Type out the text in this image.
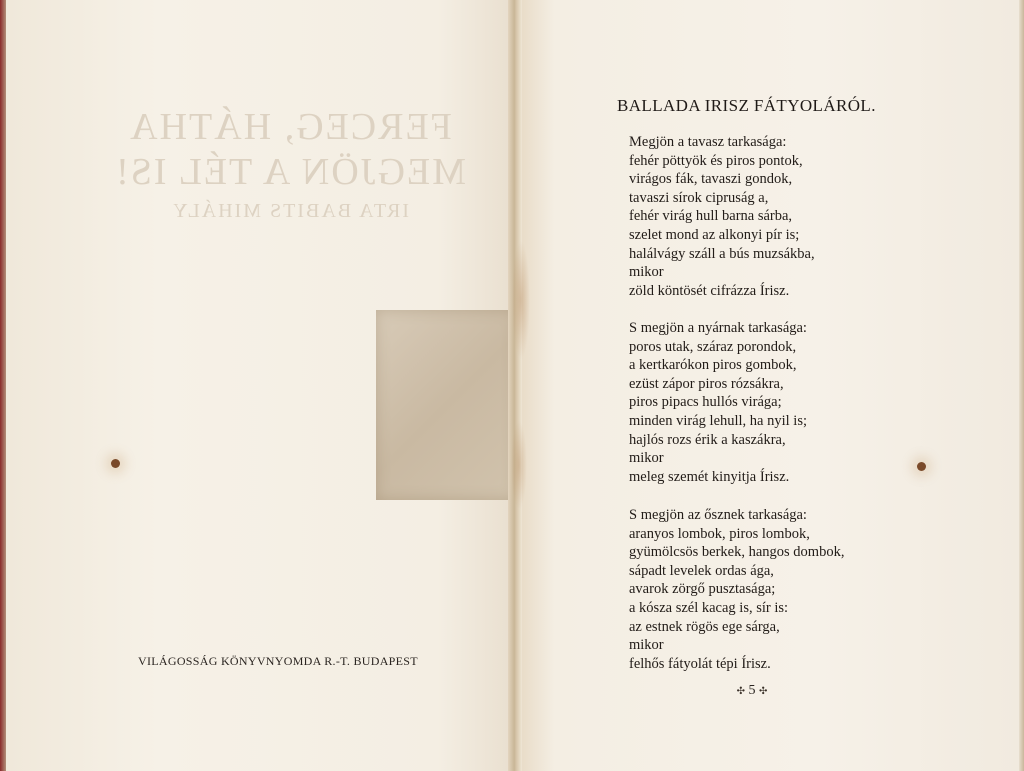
FERCEG, HÁTHA
MEGJÖN A TÉL IS!
IRTA BABITS MIHÁLY
VILÁGOSSÁG KÖNYVNYOMDA R.-T. BUDAPEST
BALLADA IRISZ FÁTYOLÁRÓL.
Megjön a tavasz tarkasága:
fehér pöttyök és piros pontok,
virágos fák, tavaszi gondok,
tavaszi sírok cipruság a,
fehér virág hull barna sárba,
szelet mond az alkonyi pír is;
halálvágy száll a bús muzsákba,
mikor
zöld köntösét cifrázza Írisz.
S megjön a nyárnak tarkasága:
poros utak, száraz porondok,
a kertkarókon piros gombok,
ezüst zápor piros rózsákra,
piros pipacs hullós virága;
minden virág lehull, ha nyil is;
hajlós rozs érik a kaszákra,
mikor
meleg szemét kinyitja Írisz.
S megjön az ősznek tarkasága:
aranyos lombok, piros lombok,
gyümölcsös berkek, hangos dombok,
sápadt levelek ordas ága,
avarok zörgő pusztasága;
a kósza szél kacag is, sír is:
az estnek rögös ege sárga,
mikor
felhős fátyolát tépi Írisz.
✣ 5 ✣
